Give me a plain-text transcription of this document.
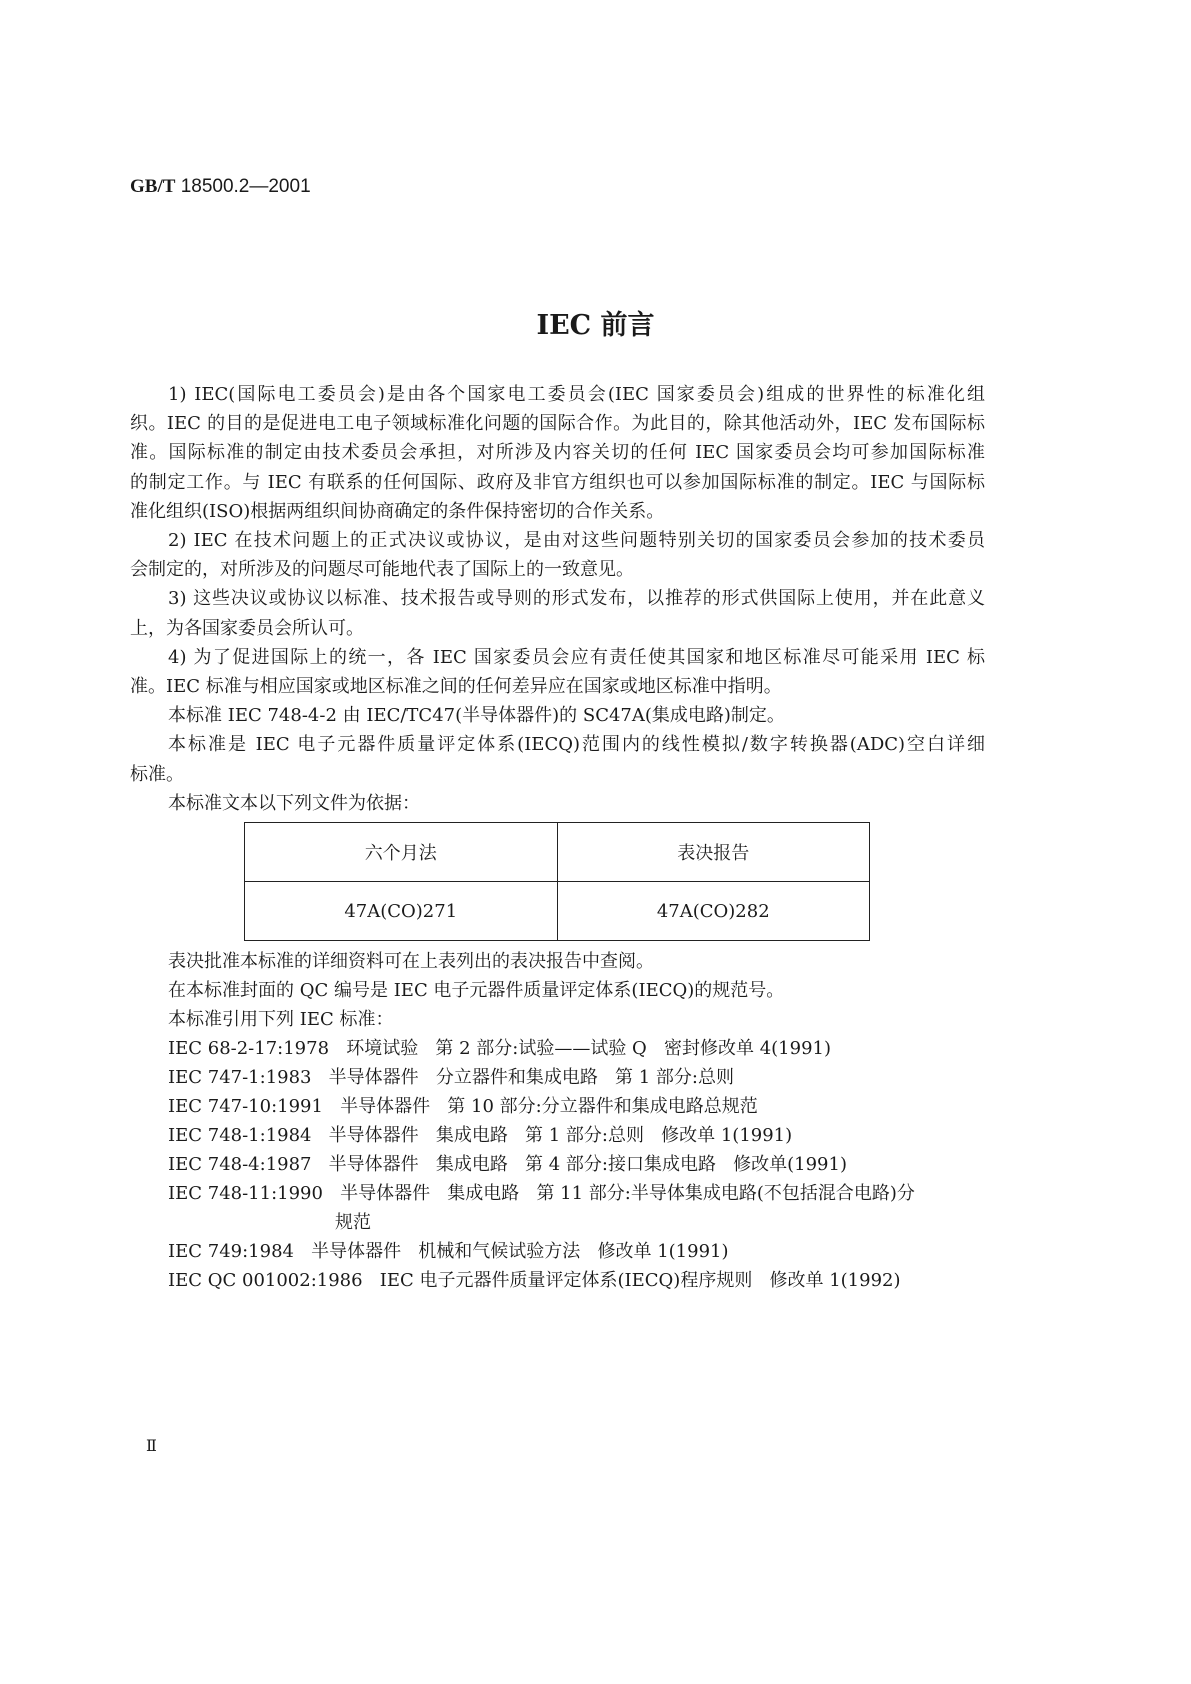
GB/T 18500.2—2001
IEC 前言
1) IEC(国际电工委员会)是由各个国家电工委员会(IEC 国家委员会)组成的世界性的标准化组
织。IEC 的目的是促进电工电子领域标准化问题的国际合作。为此目的，除其他活动外，IEC 发布国际标
准。国际标准的制定由技术委员会承担，对所涉及内容关切的任何 IEC 国家委员会均可参加国际标准
的制定工作。与 IEC 有联系的任何国际、政府及非官方组织也可以参加国际标准的制定。IEC 与国际标
准化组织(ISO)根据两组织间协商确定的条件保持密切的合作关系。
2) IEC 在技术问题上的正式决议或协议，是由对这些问题特别关切的国家委员会参加的技术委员
会制定的，对所涉及的问题尽可能地代表了国际上的一致意见。
3) 这些决议或协议以标准、技术报告或导则的形式发布，以推荐的形式供国际上使用，并在此意义
上，为各国家委员会所认可。
4) 为了促进国际上的统一，各 IEC 国家委员会应有责任使其国家和地区标准尽可能采用 IEC 标
准。IEC 标准与相应国家或地区标准之间的任何差异应在国家或地区标准中指明。
本标准 IEC 748-4-2 由 IEC/TC47(半导体器件)的 SC47A(集成电路)制定。
本标准是 IEC 电子元器件质量评定体系(IECQ)范围内的线性模拟/数字转换器(ADC)空白详细
标准。
本标准文本以下列文件为依据：
表决批准本标准的详细资料可在上表列出的表决报告中查阅。
在本标准封面的 QC 编号是 IEC 电子元器件质量评定体系(IECQ)的规范号。
本标准引用下列 IEC 标准：
IEC 68-2-17:1978   环境试验   第 2 部分:试验——试验 Q   密封修改单 4(1991)
IEC 747-1:1983   半导体器件   分立器件和集成电路   第 1 部分:总则
IEC 747-10:1991   半导体器件   第 10 部分:分立器件和集成电路总规范
IEC 748-1:1984   半导体器件   集成电路   第 1 部分:总则   修改单 1(1991)
IEC 748-4:1987   半导体器件   集成电路   第 4 部分:接口集成电路   修改单(1991)
IEC 748-11:1990   半导体器件   集成电路   第 11 部分:半导体集成电路(不包括混合电路)分
规范
IEC 749:1984   半导体器件   机械和气候试验方法   修改单 1(1991)
IEC QC 001002:1986   IEC 电子元器件质量评定体系(IECQ)程序规则   修改单 1(1992)
六个月法	表决报告
47A(CO)271	47A(CO)282
Ⅱ
